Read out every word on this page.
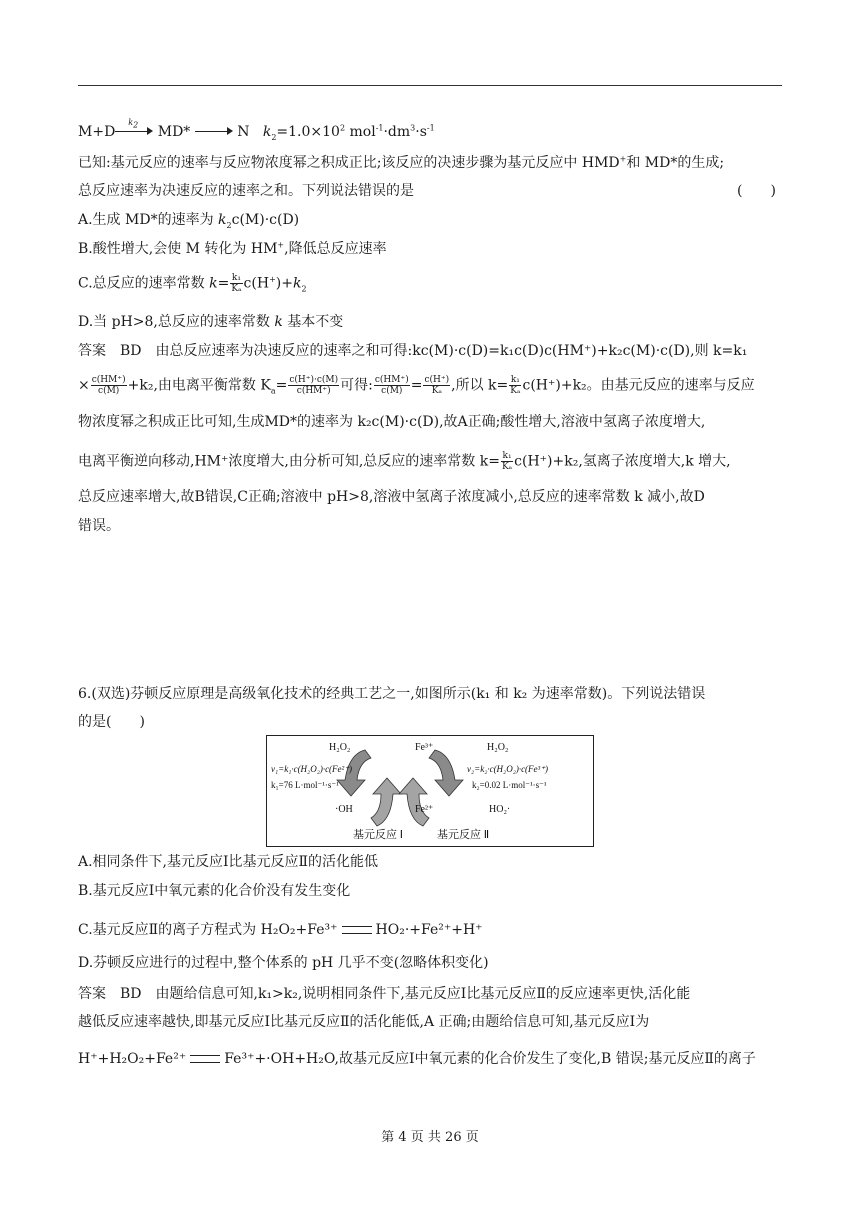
M+D
$k_2$ MD*	N $k_2=1.0\times 10^2$ $mol^{-1}\cdot dm^3\cdot s^{-1}$
已知:基元反应的速率与反应物浓度幂之积成正比;该反应的决速步骤为基元反应中 HMD+和 MD*的生成;
总反应速率为决速反应的速率之和。下列说法错误的是	(　　)
A.生成 MD*的速率为 $k_2c(M)\cdot c(D)$
B.酸性增大,会使 M 转化为 HM+,降低总反应速率
C.总反应的速率常数 $k= \frac{\text{k₁}}{\text{Kₐ}} c(H^+)+k_2$
D.当 pH>8,总反应的速率常数 k 基本不变
答案　BD　由总反应速率为决速反应的速率之和可得:kc(M)·c(D)=k₁c(D)c(HM⁺)+k₂c(M)·c(D),则 k=k₁
× $\frac{c(HM^+)}{c(M)} +k_2$,由电离平衡常数 $K_a= \frac{c(H^+)\cdot c(M)}{c(HM^+)}$ 可得: $\frac{c(HM^+)}{c(M)} = \frac{c(H^+)}{\text{Kₐ}}$ ,所以 $k= \frac{\text{k₁}}{\text{Kₐ}} c(H^+)+k_2$。由基元反应的速率与反应
物浓度幂之积成正比可知,生成MD*的速率为 k₂c(M)·c(D),故A正确;酸性增大,溶液中氢离子浓度增大,
电离平衡逆向移动,HM⁺浓度增大,由分析可知,总反应的速率常数 $k= \frac{\text{k₁}}{\text{Kₐ}} c(H^+)+k_2$,氢离子浓度增大,k 增大,
总反应速率增大,故B错误,C正确;溶液中 pH>8,溶液中氢离子浓度减小,总反应的速率常数 k 减小,故D
错误。
6.(双选)芬顿反应原理是高级氧化技术的经典工艺之一,如图所示(k₁ 和 k₂ 为速率常数)。下列说法错误
的是(　　)
H₂O₂
v₁=k₁·c(H₂O₂)·c(Fe²⁺)
k₁=76 L·mol⁻¹·s⁻¹
·OH
Fe³⁺
Fe²⁺
H₂O₂
v₂=k₂·c(H₂O₂)·c(Fe³⁺)
k₂=0.02 L·mol⁻¹·s⁻¹
HO₂·
基元反应 Ⅰ	基元反应 Ⅱ
A.相同条件下,基元反应Ⅰ比基元反应Ⅱ的活化能低
B.基元反应Ⅰ中氧元素的化合价没有发生变化
C.基元反应Ⅱ的离子方程式为 H₂O₂+Fe³⁺	HO₂·+Fe²⁺+H⁺
D.芬顿反应进行的过程中,整个体系的 pH 几乎不变(忽略体积变化)
答案　BD　由题给信息可知,k₁>k₂,说明相同条件下,基元反应Ⅰ比基元反应Ⅱ的反应速率更快,活化能
越低反应速率越快,即基元反应Ⅰ比基元反应Ⅱ的活化能低,A 正确;由题给信息可知,基元反应Ⅰ为
H⁺+H₂O₂+Fe²⁺	Fe³⁺+·OH+H₂O,故基元反应Ⅰ中氧元素的化合价发生了变化,B 错误;基元反应Ⅱ的离子
第 4 页 共 26 页
